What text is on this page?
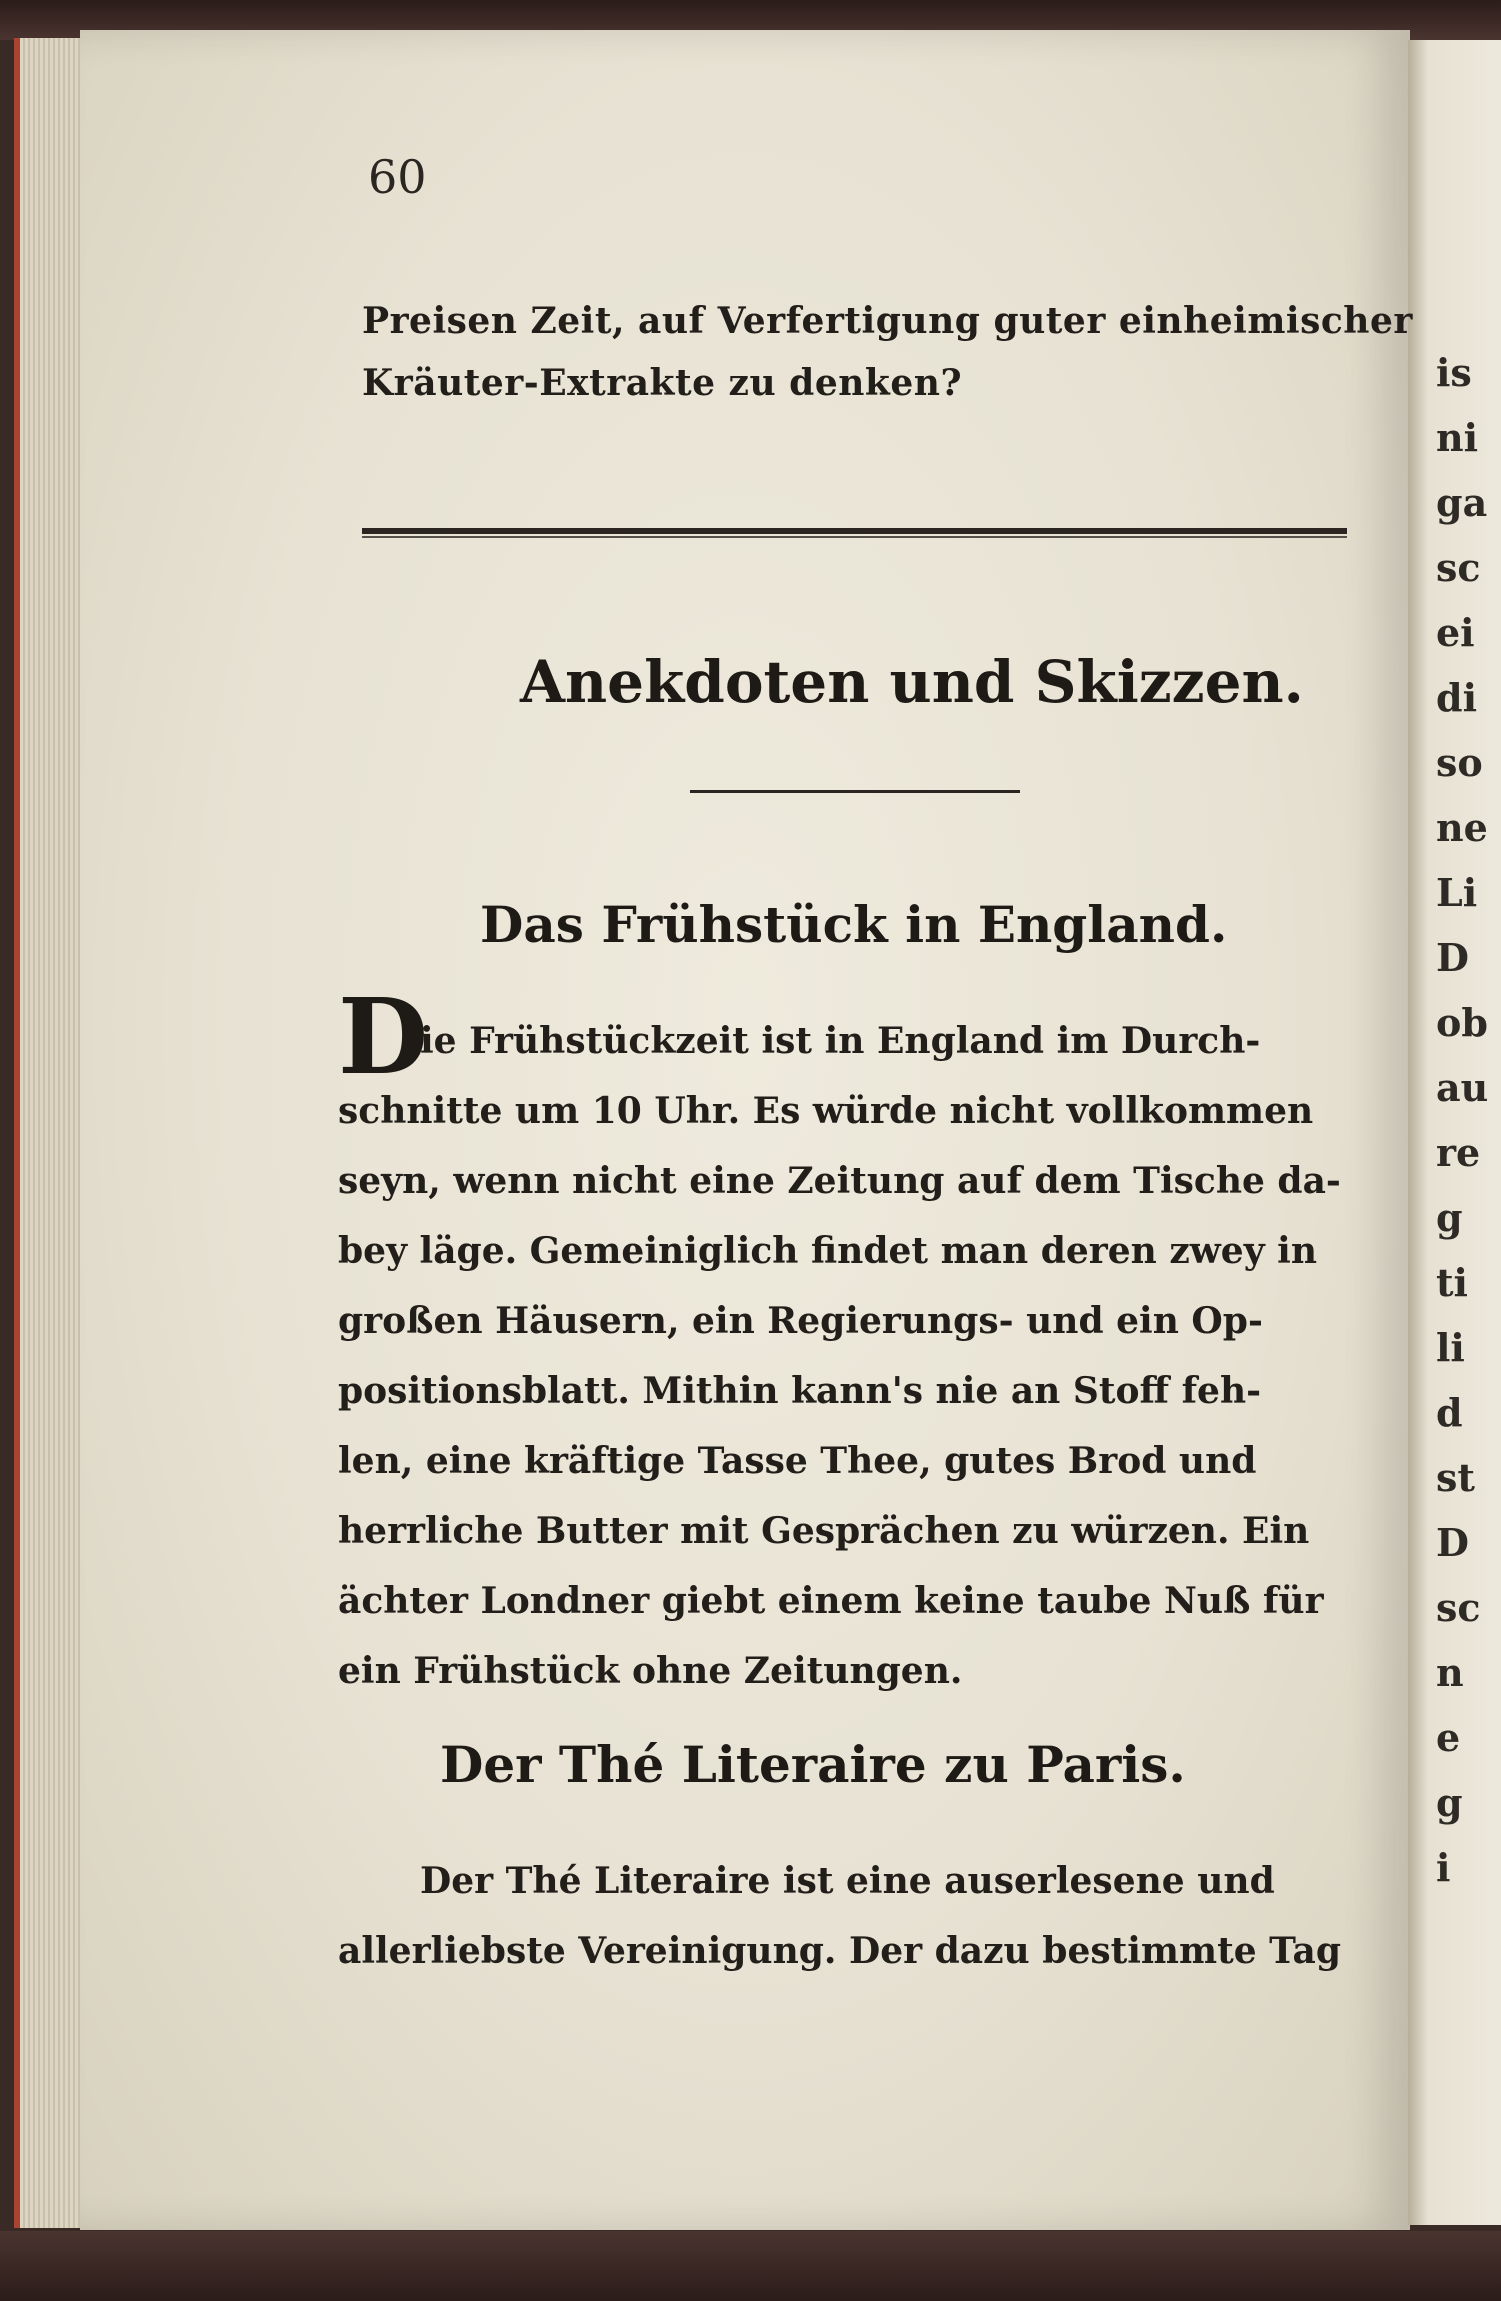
is
ni
ga
sc
ei
di
so
ne
Li
D
ob
au
re
g
ti
li
d
st
D
sc
n
e
g
i
60
Preisen Zeit, auf Verfertigung guter einheimischer
Kräuter-Extrakte zu denken?
Anekdoten und Skizzen.
Das Frühstück in England.
D
ie Frühstückzeit ist in England im Durch-
schnitte um 10 Uhr. Es würde nicht vollkommen
seyn, wenn nicht eine Zeitung auf dem Tische da-
bey läge. Gemeiniglich findet man deren zwey in
großen Häusern, ein Regierungs- und ein Op-
positionsblatt. Mithin kann's nie an Stoff feh-
len, eine kräftige Tasse Thee, gutes Brod und
herrliche Butter mit Gesprächen zu würzen. Ein
ächter Londner giebt einem keine taube Nuß für
ein Frühstück ohne Zeitungen.
Der Thé Literaire zu Paris.
Der Thé Literaire ist eine auserlesene und
allerliebste Vereinigung. Der dazu bestimmte Tag
